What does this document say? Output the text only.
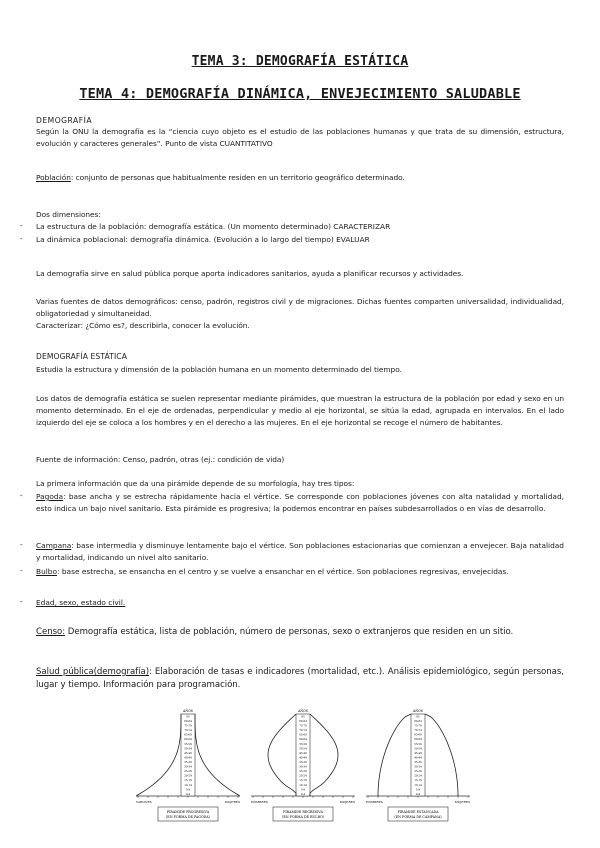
TEMA 3: DEMOGRAFÍA ESTÁTICA
TEMA 4: DEMOGRAFÍA DINÁMICA, ENVEJECIMIENTO SALUDABLE
DEMOGRAFÍA
Según la ONU la demografía es la “ciencia cuyo objeto es el estudio de las poblaciones humanas y que trata de su dimensión, estructura, evolución y caracteres generales”. Punto de vista CUANTITATIVO
Población: conjunto de personas que habitualmente residen en un territorio geográfico determinado.
Dos dimensiones:
- La estructura de la población: demografía estática. (Un momento determinado) CARACTERIZAR
- La dinámica poblacional: demografía dinámica. (Evolución a lo largo del tiempo) EVALUAR
La demografía sirve en salud pública porque aporta indicadores sanitarios, ayuda a planificar recursos y actividades.
Varias fuentes de datos demográficos: censo, padrón, registros civil y de migraciones. Dichas fuentes comparten universalidad, individualidad, obligatoriedad y simultaneidad.
Caracterizar: ¿Cómo es?, describirla, conocer la evolución.
DEMOGRAFÍA ESTÁTICA
Estudia la estructura y dimensión de la población humana en un momento determinado del tiempo.
Los datos de demografía estática se suelen representar mediante pirámides, que muestran la estructura de la población por edad y sexo en un momento determinado. En el eje de ordenadas, perpendicular y medio al eje horizontal, se sitúa la edad, agrupada en intervalos. En el lado izquierdo del eje se coloca a los hombres y en el derecho a las mujeres. En el eje horizontal se recoge el número de habitantes.
Fuente de información: Censo, padrón, otras (ej.: condición de vida)
La primera información que da una pirámide depende de su morfología, hay tres tipos:
- Pagoda: base ancha y se estrecha rápidamente hacia el vértice. Se corresponde con poblaciones jóvenes con alta natalidad y mortalidad, esto indica un bajo nivel sanitario. Esta pirámide es progresiva; la podemos encontrar en países subdesarrollados o en vías de desarrollo.
- Campana: base intermedia y disminuye lentamente bajo el vértice. Son poblaciones estacionarias que comienzan a envejecer. Baja natalidad y mortalidad, indicando un nivel alto sanitario.
- Bulbo: base estrecha, se ensancha en el centro y se vuelve a ensanchar en el vértice. Son poblaciones regresivas, envejecidas.
- Edad, sexo, estado civil.
Censo: Demografía estática, lista de población, número de personas, sexo o extranjeros que residen en un sitio.
Salud pública(demografía): Elaboración de tasas e indicadores (mortalidad, etc.). Análisis epidemiológico, según personas, lugar y tiempo. Información para programación.
AÑOS
85
80-84
75-79
70-74
65-69
60-64
55-59
50-54
45-49
40-44
35-39
30-34
25-29
20-24
15-19
10-14
5-9
0-4
VARONES	MUJERES
PIRAMIDE PROGRESIVA
(EN FORMA DE PAGODA)
AÑOS
85
80-84
75-79
70-74
65-69
60-64
55-59
50-54
45-49
40-44
35-39
30-34
25-29
20-24
15-19
10-14
5-9
0-4
HOMBRES	MUJERES
PIRAMIDE REGRESIVA
(EN FORMA DE BULBO)
AÑOS
85
80-84
75-79
70-74
65-69
60-64
55-59
50-54
45-49
40-44
35-39
30-34
25-29
20-24
15-19
10-14
5-9
0-4
HOMBRES	MUJERES
PIRAMIDE ESTANCADA
(EN FORMA DE CAMPANA)
